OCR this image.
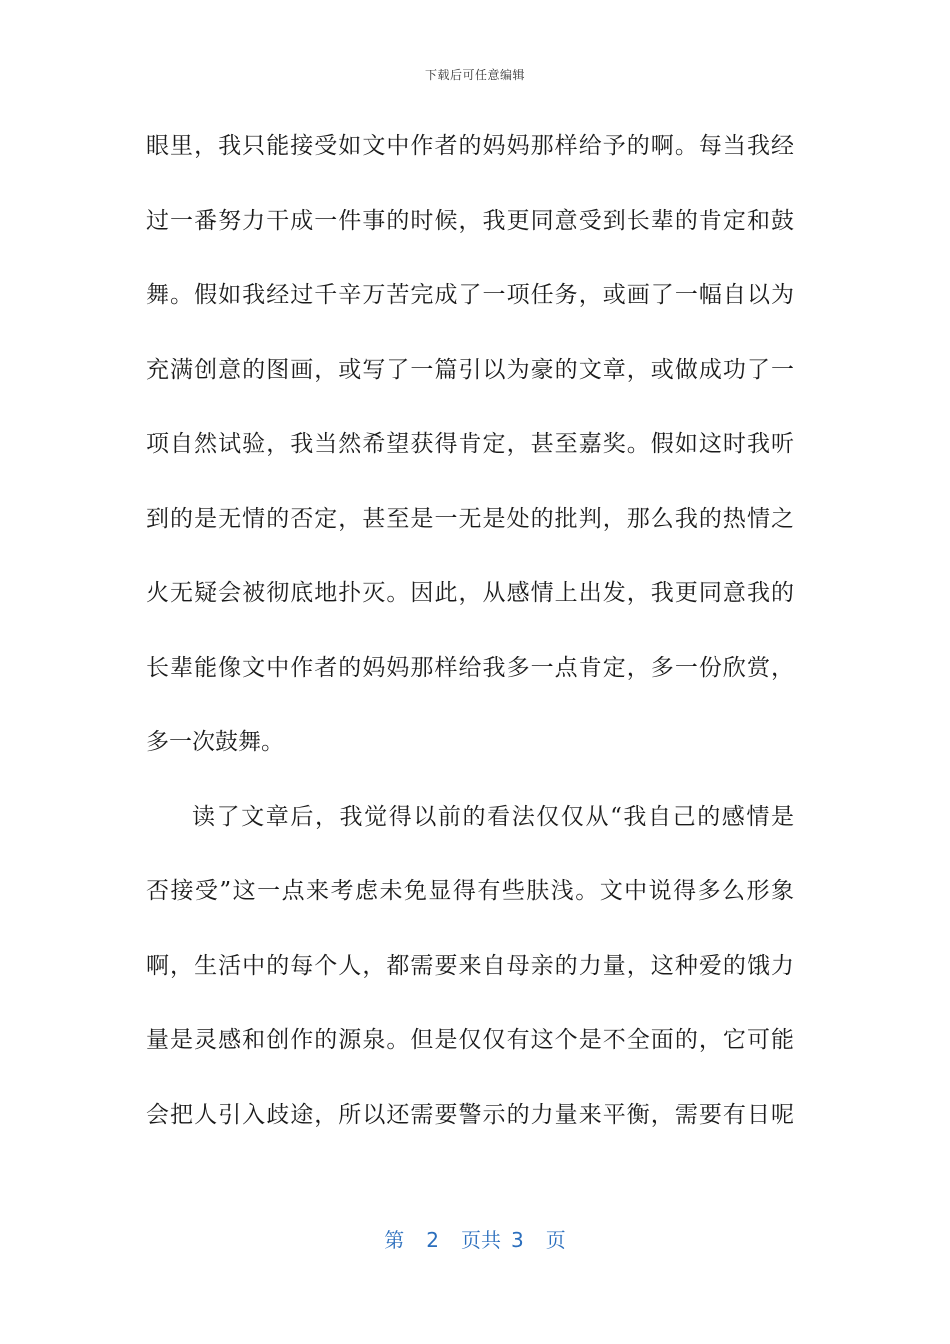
下载后可任意编辑
眼里，我只能接受如文中作者的妈妈那样给予的啊。每当我经
过一番努力干成一件事的时候，我更同意受到长辈的肯定和鼓
舞。假如我经过千辛万苦完成了一项任务，或画了一幅自以为
充满创意的图画，或写了一篇引以为豪的文章，或做成功了一
项自然试验，我当然希望获得肯定，甚至嘉奖。假如这时我听
到的是无情的否定，甚至是一无是处的批判，那么我的热情之
火无疑会被彻底地扑灭。因此，从感情上出发，我更同意我的
长辈能像文中作者的妈妈那样给我多一点肯定，多一份欣赏，
多一次鼓舞。
读了文章后，我觉得以前的看法仅仅从“我自己的感情是
否接受”这一点来考虑未免显得有些肤浅。文中说得多么形象
啊，生活中的每个人，都需要来自母亲的力量，这种爱的饿力
量是灵感和创作的源泉。但是仅仅有这个是不全面的，它可能
会把人引入歧途，所以还需要警示的力量来平衡，需要有日呢
第 2 页共 3 页
